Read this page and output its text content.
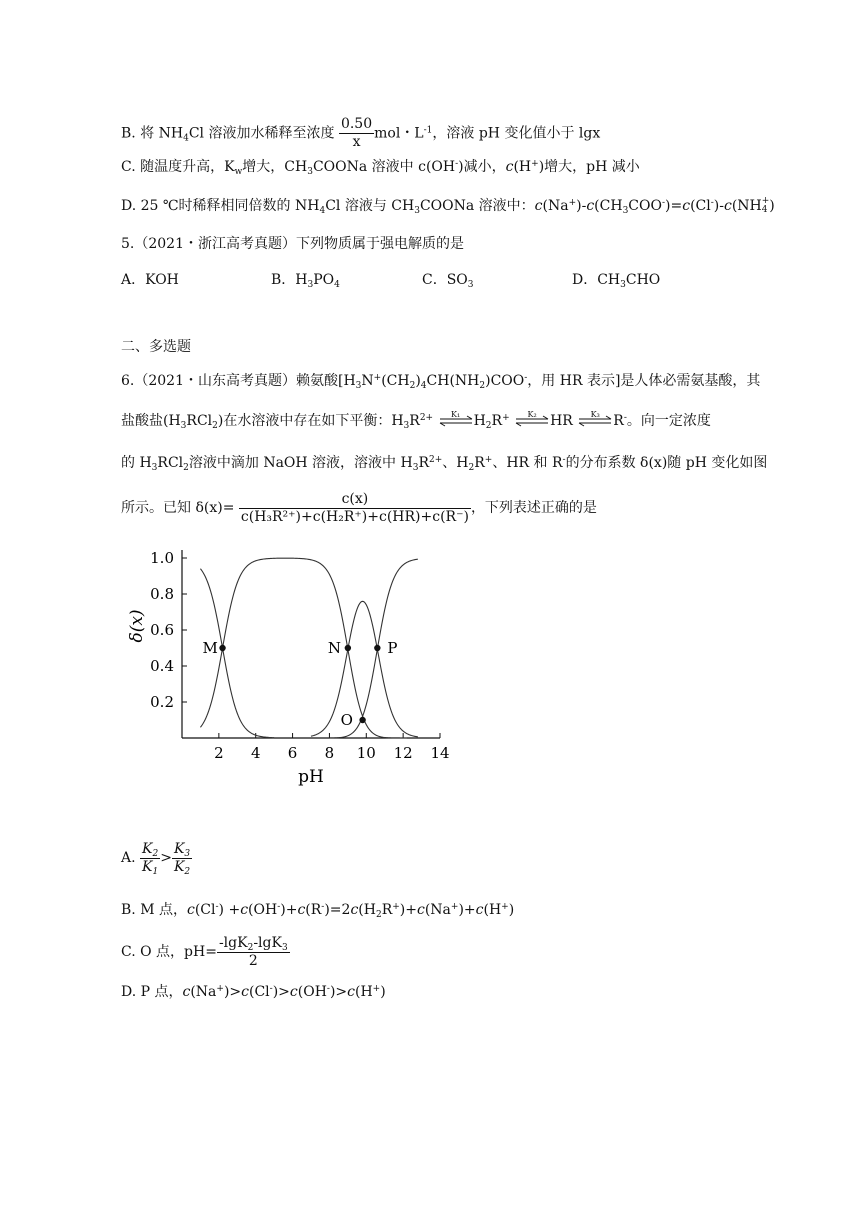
B. 将 $NH_4Cl$ 溶液加水稀释至浓度 $\frac{0.50}{x}$ mol・$L^{-1}$，溶液 pH 变化值小于 lgx
C. 随温度升高，$K_w$增大，$CH_3COONa$ 溶液中 c(OH-)减小，c(H+)增大，pH 减小
D. 25 ℃时稀释相同倍数的 $NH_4Cl$ 溶液与 $CH_3COONa$ 溶液中：$c(Na^+)-c(CH_3COO^-)=c(Cl^-)-c(NH$ +
4 )
5.（2021・浙江高考真题）下列物质属于强电解质的是
A．KOH	B．$H_3PO_4$	C．$SO_3$	D．$CH_3CHO$
二、多选题
6.（2021・山东高考真题）赖氨酸[$H_3N^+(CH_2)_4CH(NH_2)COO^-$，用 HR 表示]是人体必需氨基酸，其
盐酸盐$(H_3RCl_2)$在水溶液中存在如下平衡：$H_3R^{2+}$	K₁ $H_2R^+$	K₂ HR	K₃ R-。向一定浓度
的 $H_3RCl_2$溶液中滴加 NaOH 溶液，溶液中 $H_3R^{2+}$、$H_2R^+$、HR 和 R-的分布系数 δ(x)随 pH 变化如图
所示。已知 $\delta(x)= \frac{c(x)}{\text{c(H₃R²⁺)+c(H₂R⁺)+c(HR)+c(R⁻)}}$ ，下列表述正确的是
2 4 6 8 10 12 14
0.2
0.4
0.6
0.8
1.0
M	N
O
P
δ(x)
pH
A. $\frac{K_2}{K_1} > \frac{K_3}{K_2}$
B. M 点，$c(Cl^-) +c(OH^-)+c(R^-)=2c(H_2R^+)+c(Na^+)+c(H^+)$
C. O 点，$pH= \frac{-\lg K_2-\lg K_3}{2}$
D. P 点，c(Na+)>c(Cl-)>c(OH-)>c(H+)
